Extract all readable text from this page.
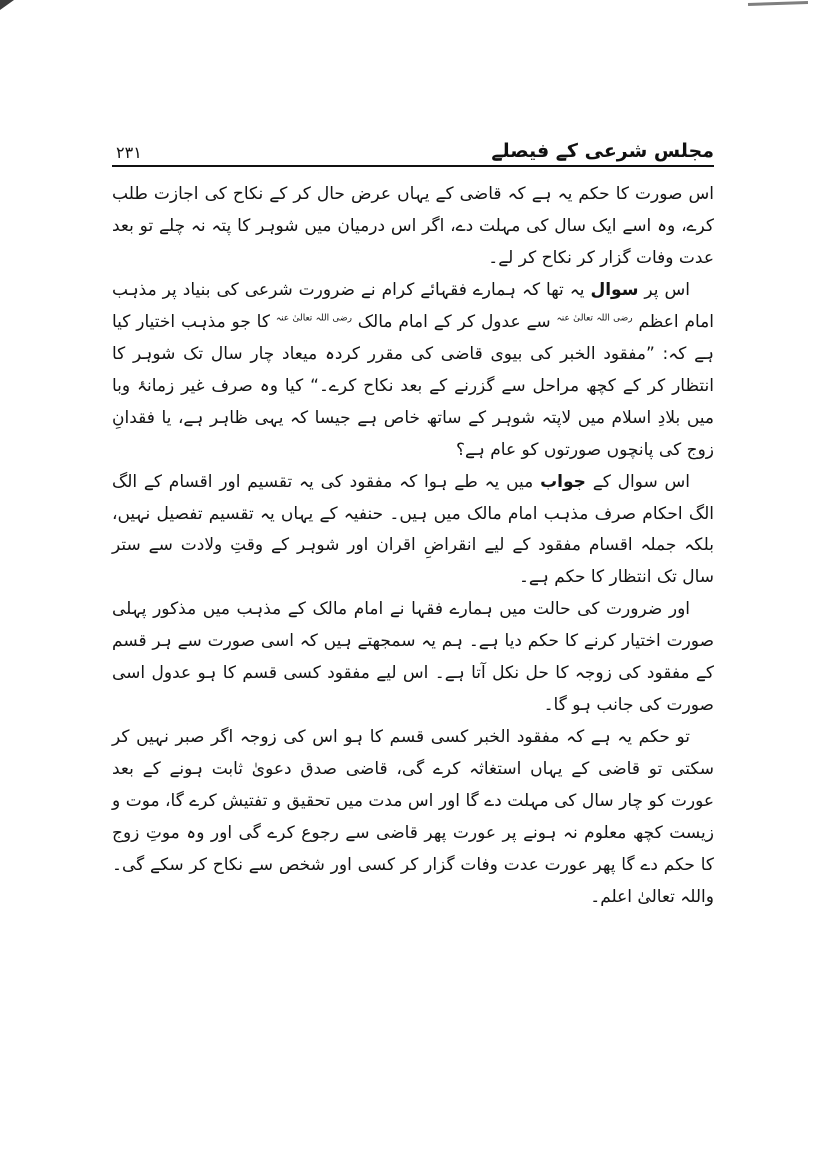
مجلس شرعی کے فیصلے
۲۳۱

اس صورت کا حکم یہ ہے کہ قاضی کے یہاں عرض حال کر کے نکاح کی اجازت طلب کرے، وہ اسے ایک سال کی مہلت دے، اگر اس درمیان میں شوہر کا پتہ نہ چلے تو بعد عدت وفات گزار کر نکاح کر لے۔

اس پر سوال یہ تھا کہ ہمارے فقہائے کرام نے ضرورت شرعی کی بنیاد پر مذہب امام اعظم $^{رضی اللہ تعالیٰ عنہ}$ سے عدول کر کے امام مالک $^{رضی اللہ تعالیٰ عنہ}$ کا جو مذہب اختیار کیا ہے کہ: ”مفقود الخبر کی بیوی قاضی کی مقرر کردہ میعاد چار سال تک شوہر کا انتظار کر کے کچھ مراحل سے گزرنے کے بعد نکاح کرے۔“ کیا وہ صرف غیر زمانۂ وبا میں بلادِ اسلام میں لاپتہ شوہر کے ساتھ خاص ہے جیسا کہ یہی ظاہر ہے، یا فقدانِ زوج کی پانچوں صورتوں کو عام ہے؟

اس سوال کے جواب میں یہ طے ہوا کہ مفقود کی یہ تقسیم اور اقسام کے الگ الگ احکام صرف مذہب امام مالک میں ہیں۔ حنفیہ کے یہاں یہ تقسیم تفصیل نہیں، بلکہ جملہ اقسام مفقود کے لیے انقراضِ اقران اور شوہر کے وقتِ ولادت سے ستر سال تک انتظار کا حکم ہے۔

اور ضرورت کی حالت میں ہمارے فقہا نے امام مالک کے مذہب میں مذکور پہلی صورت اختیار کرنے کا حکم دیا ہے۔ ہم یہ سمجھتے ہیں کہ اسی صورت سے ہر قسم کے مفقود کی زوجہ کا حل نکل آتا ہے۔ اس لیے مفقود کسی قسم کا ہو عدول اسی صورت کی جانب ہو گا۔

تو حکم یہ ہے کہ مفقود الخبر کسی قسم کا ہو اس کی زوجہ اگر صبر نہیں کر سکتی تو قاضی کے یہاں استغاثہ کرے گی، قاضی صدق دعویٰ ثابت ہونے کے بعد عورت کو چار سال کی مہلت دے گا اور اس مدت میں تحقیق و تفتیش کرے گا، موت و زیست کچھ معلوم نہ ہونے پر عورت پھر قاضی سے رجوع کرے گی اور وہ موتِ زوج کا حکم دے گا پھر عورت عدت وفات گزار کر کسی اور شخص سے نکاح کر سکے گی۔ واللہ تعالیٰ اعلم۔
